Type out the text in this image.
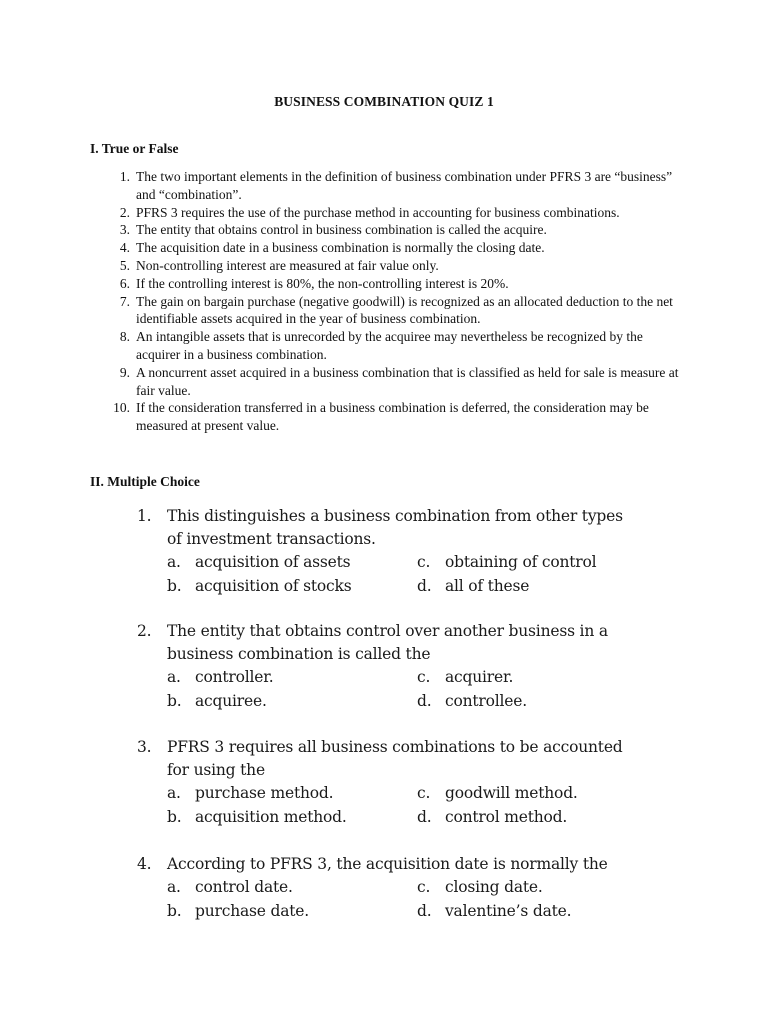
BUSINESS COMBINATION QUIZ 1
I. True or False
1. The two important elements in the definition of business combination under PFRS 3 are “business” and “combination”.
2. PFRS 3 requires the use of the purchase method in accounting for business combinations.
3. The entity that obtains control in business combination is called the acquire.
4. The acquisition date in a business combination is normally the closing date.
5. Non-controlling interest are measured at fair value only.
6. If the controlling interest is 80%, the non-controlling interest is 20%.
7. The gain on bargain purchase (negative goodwill) is recognized as an allocated deduction to the net identifiable assets acquired in the year of business combination.
8. An intangible assets that is unrecorded by the acquiree may nevertheless be recognized by the acquirer in a business combination.
9. A noncurrent asset acquired in a business combination that is classified as held for sale is measure at fair value.
10. If the consideration transferred in a business combination is deferred, the consideration may be measured at present value.
II. Multiple Choice
1.	This distinguishes a business combination from other types of investment transactions.
a. acquisition of assets	c. obtaining of control
b. acquisition of stocks	d. all of these
2.	The entity that obtains control over another business in a business combination is called the
a. controller.	c. acquirer.
b. acquiree.	d. controllee.
3.	PFRS 3 requires all business combinations to be accounted for using the
a. purchase method.	c. goodwill method.
b. acquisition method.	d. control method.
4.	According to PFRS 3, the acquisition date is normally the
a. control date.	c. closing date.
b. purchase date.	d. valentine’s date.
